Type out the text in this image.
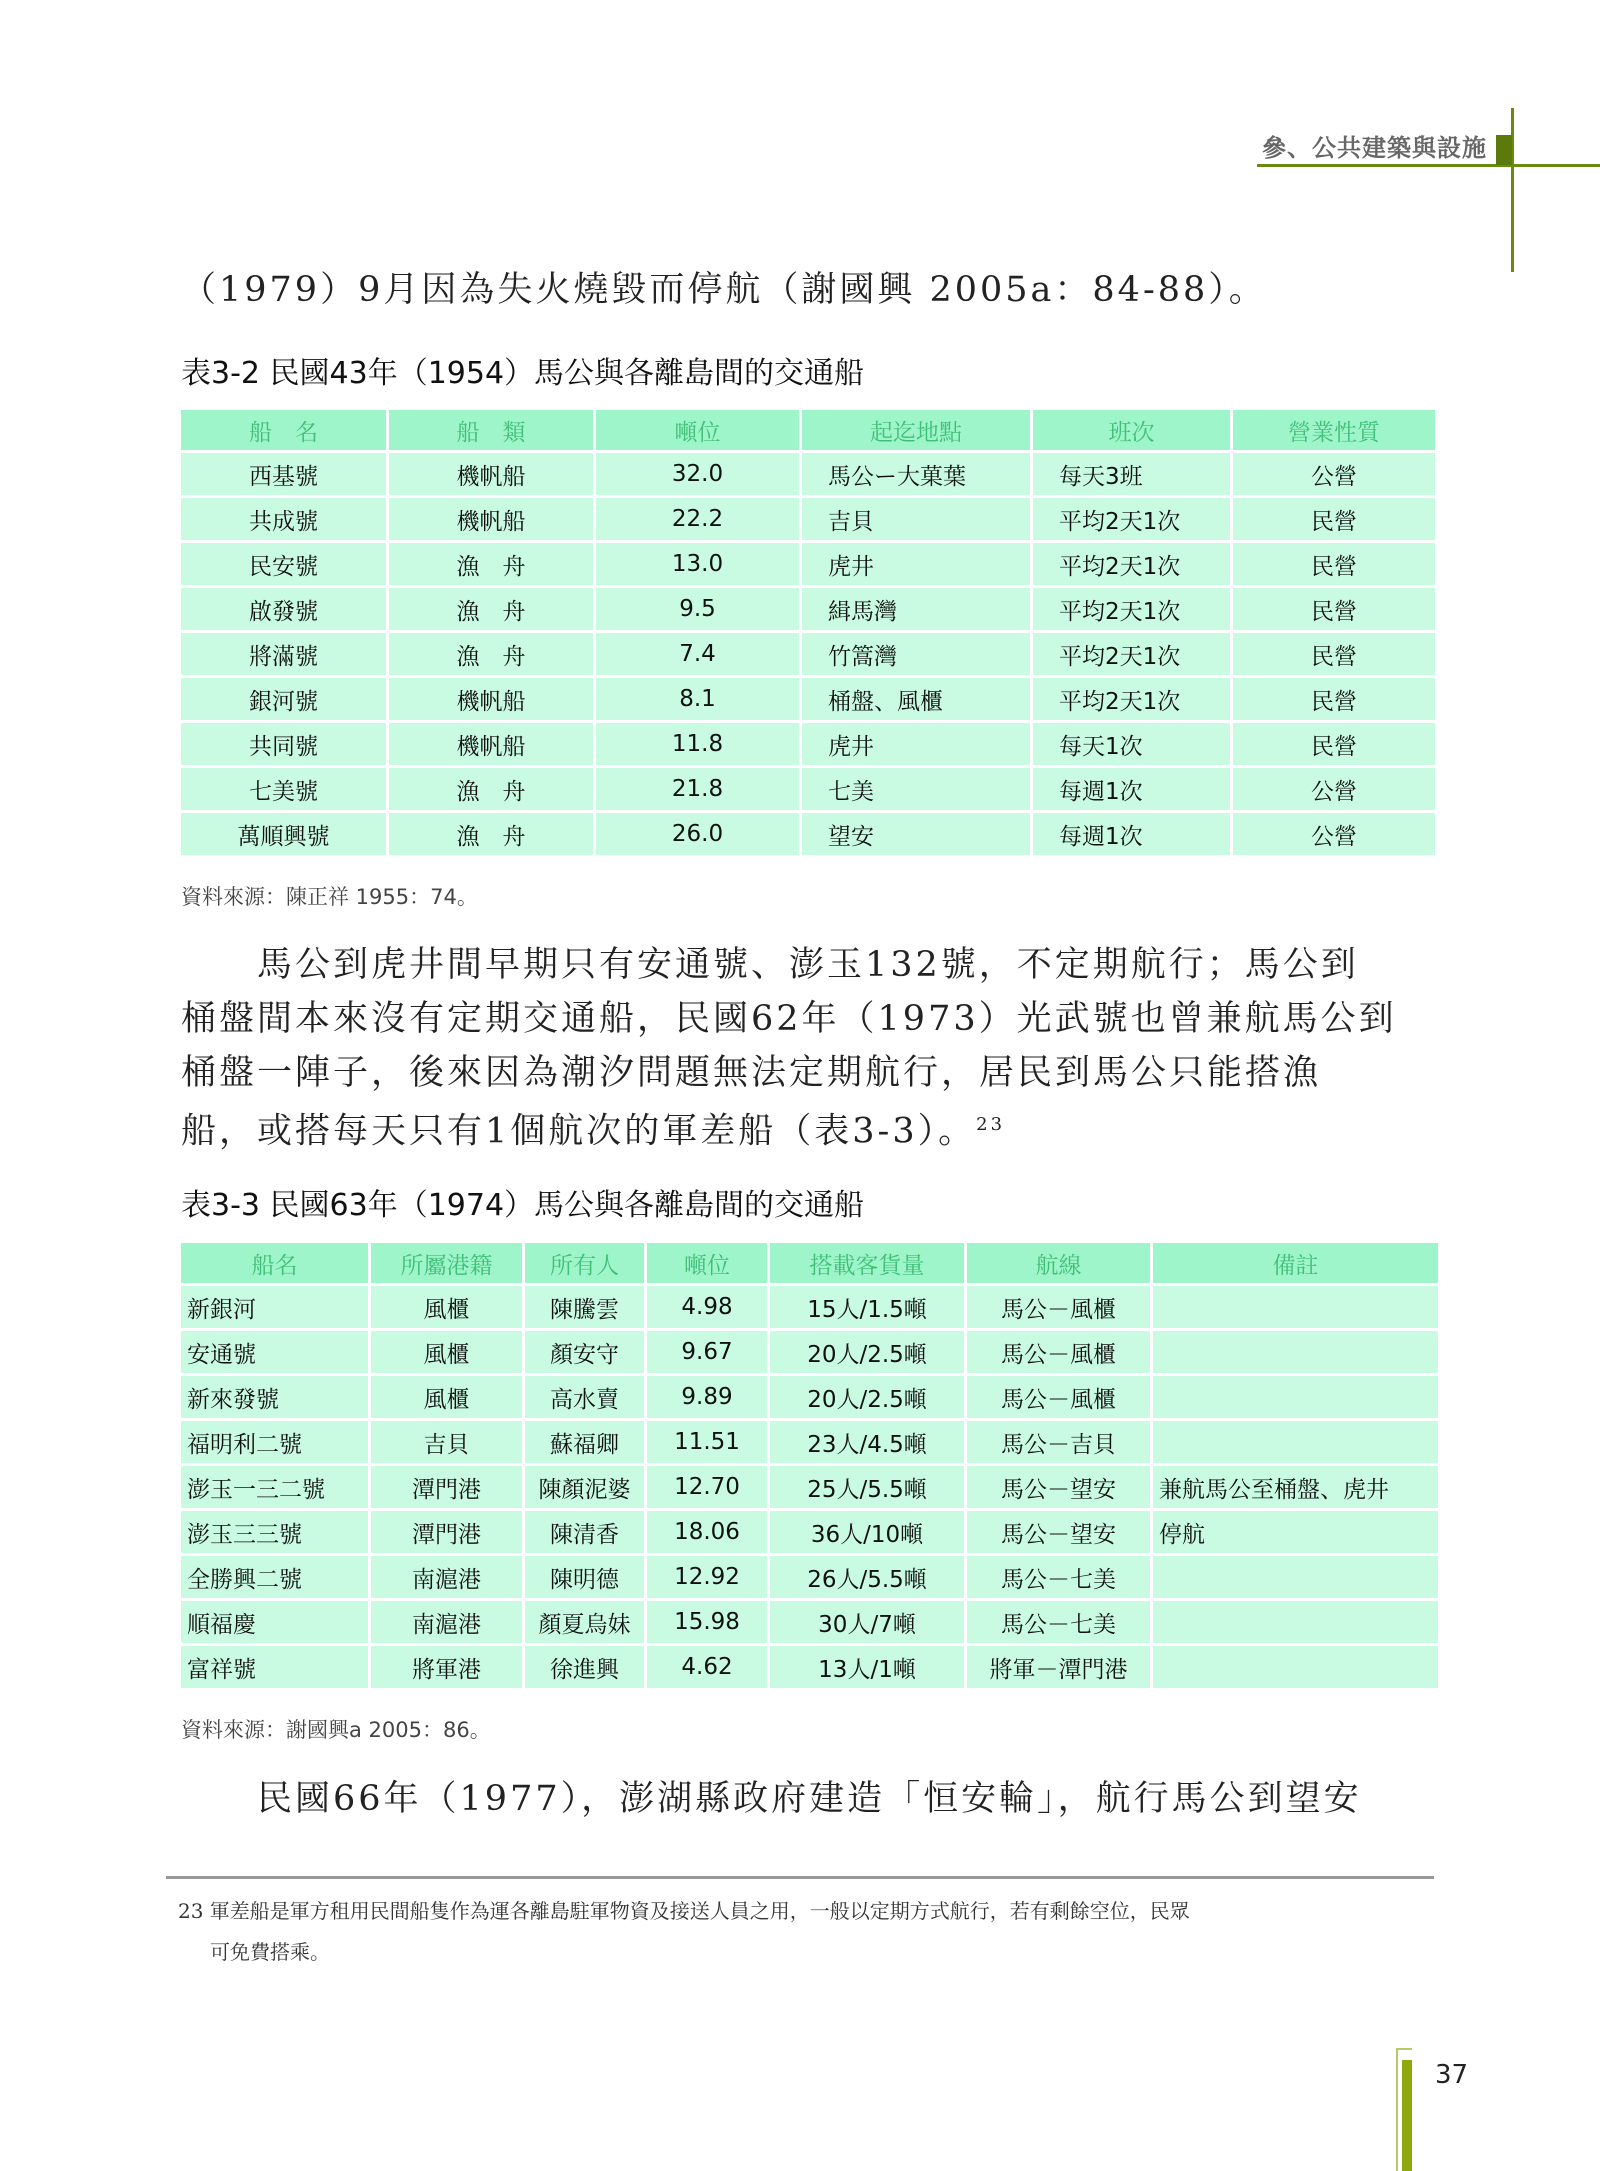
參、公共建築與設施
（1979）9月因為失火燒毀而停航（謝國興 2005a：84-88）。
表3-2 民國43年（1954）馬公與各離島間的交通船
船　名	船　類	噸位	起迄地點	班次	營業性質
西基號	機帆船	32.0	馬公ー大菓葉	每天3班	公營
共成號	機帆船	22.2	吉貝	平均2天1次	民營
民安號	漁　舟	13.0	虎井	平均2天1次	民營
啟發號	漁　舟	9.5	緝馬灣	平均2天1次	民營
將滿號	漁　舟	7.4	竹篙灣	平均2天1次	民營
銀河號	機帆船	8.1	桶盤、風櫃	平均2天1次	民營
共同號	機帆船	11.8	虎井	每天1次	民營
七美號	漁　舟	21.8	七美	每週1次	公營
萬順興號	漁　舟	26.0	望安	每週1次	公營
資料來源：陳正祥 1955：74。
　　馬公到虎井間早期只有安通號、澎玉132號，不定期航行；馬公到
桶盤間本來沒有定期交通船，民國62年（1973）光武號也曾兼航馬公到
桶盤一陣子，後來因為潮汐問題無法定期航行，居民到馬公只能搭漁
船，或搭每天只有1個航次的軍差船（表3-3）。$^{23}$
表3-3 民國63年（1974）馬公與各離島間的交通船
船名	所屬港籍	所有人	噸位	搭載客貨量	航線	備註
新銀河	風櫃	陳騰雲	4.98	15人/1.5噸	馬公－風櫃	
安通號	風櫃	顏安守	9.67	20人/2.5噸	馬公－風櫃	
新來發號	風櫃	高水賣	9.89	20人/2.5噸	馬公－風櫃	
福明利二號	吉貝	蘇福卿	11.51	23人/4.5噸	馬公－吉貝	
澎玉一三二號	潭門港	陳顏泥婆	12.70	25人/5.5噸	馬公－望安	兼航馬公至桶盤、虎井
澎玉三三號	潭門港	陳清香	18.06	36人/10噸	馬公－望安	停航
全勝興二號	南滬港	陳明德	12.92	26人/5.5噸	馬公－七美	
順福慶	南滬港	顏夏烏妹	15.98	30人/7噸	馬公－七美	
富祥號	將軍港	徐進興	4.62	13人/1噸	將軍－潭門港	
資料來源：謝國興a 2005：86。
　　民國66年（1977），澎湖縣政府建造「恒安輪」，航行馬公到望安
23 軍差船是軍方租用民間船隻作為運各離島駐軍物資及接送人員之用，一般以定期方式航行，若有剩餘空位，民眾
可免費搭乘。
37
